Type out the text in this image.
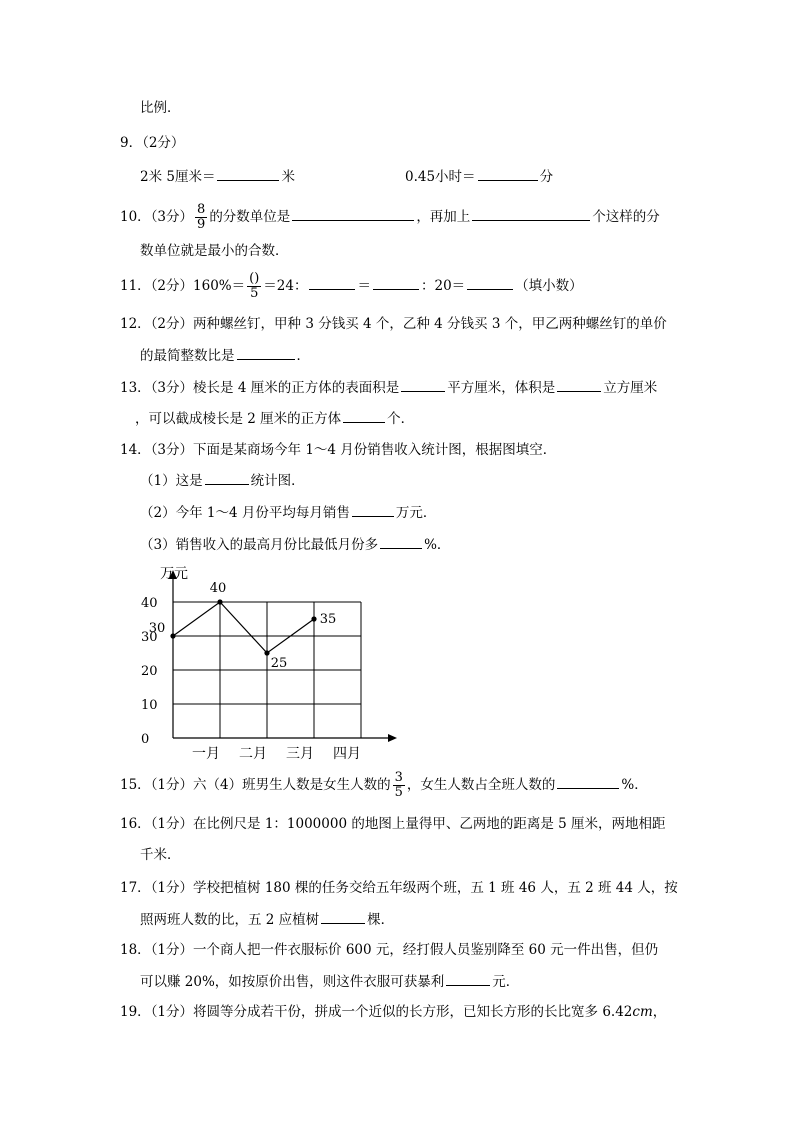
比例．
9．（2分）
2米 5厘米＝	米	0.45小时＝	分
10．（3分） $\frac{8}{9}$ 的分数单位是	，再加上	个这样的分
数单位就是最小的合数．
11．（2分）$160\%= \frac{()}{5} =24$：	＝	：20＝	（填小数）
12．（2分）两种螺丝钉，甲种 3 分钱买 4 个，乙种 4 分钱买 3 个，甲乙两种螺丝钉的单价
的最简整数比是	．
13．（3分）棱长是 4 厘米的正方体的表面积是	平方厘米，体积是	立方厘米
，可以截成棱长是 2 厘米的正方体	个．
14．（3分）下面是某商场今年 1～4 月份销售收入统计图，根据图填空．
（1）这是	统计图．
（2）今年 1～4 月份平均每月销售	万元．
（3）销售收入的最高月份比最低月份多	%．
0
10
20
30
40
一月 二月 三月 四月
30
40
25
35
万元
15．（1分）六（4）班男生人数是女生人数的 $\frac{3}{5}$ ，女生人数占全班人数的	%．
16．（1分）在比例尺是 1：1000000 的地图上量得甲、乙两地的距离是 5 厘米，两地相距
千米．
17．（1分）学校把植树 180 棵的任务交给五年级两个班，五 1 班 46 人，五 2 班 44 人，按
照两班人数的比，五 2 应植树	棵．
18．（1分）一个商人把一件衣服标价 600 元，经打假人员鉴别降至 60 元一件出售，但仍
可以赚 20%，如按原价出售，则这件衣服可获暴利	元．
19．（1分）将圆等分成若干份，拼成一个近似的长方形，已知长方形的长比宽多 6.42cm，
